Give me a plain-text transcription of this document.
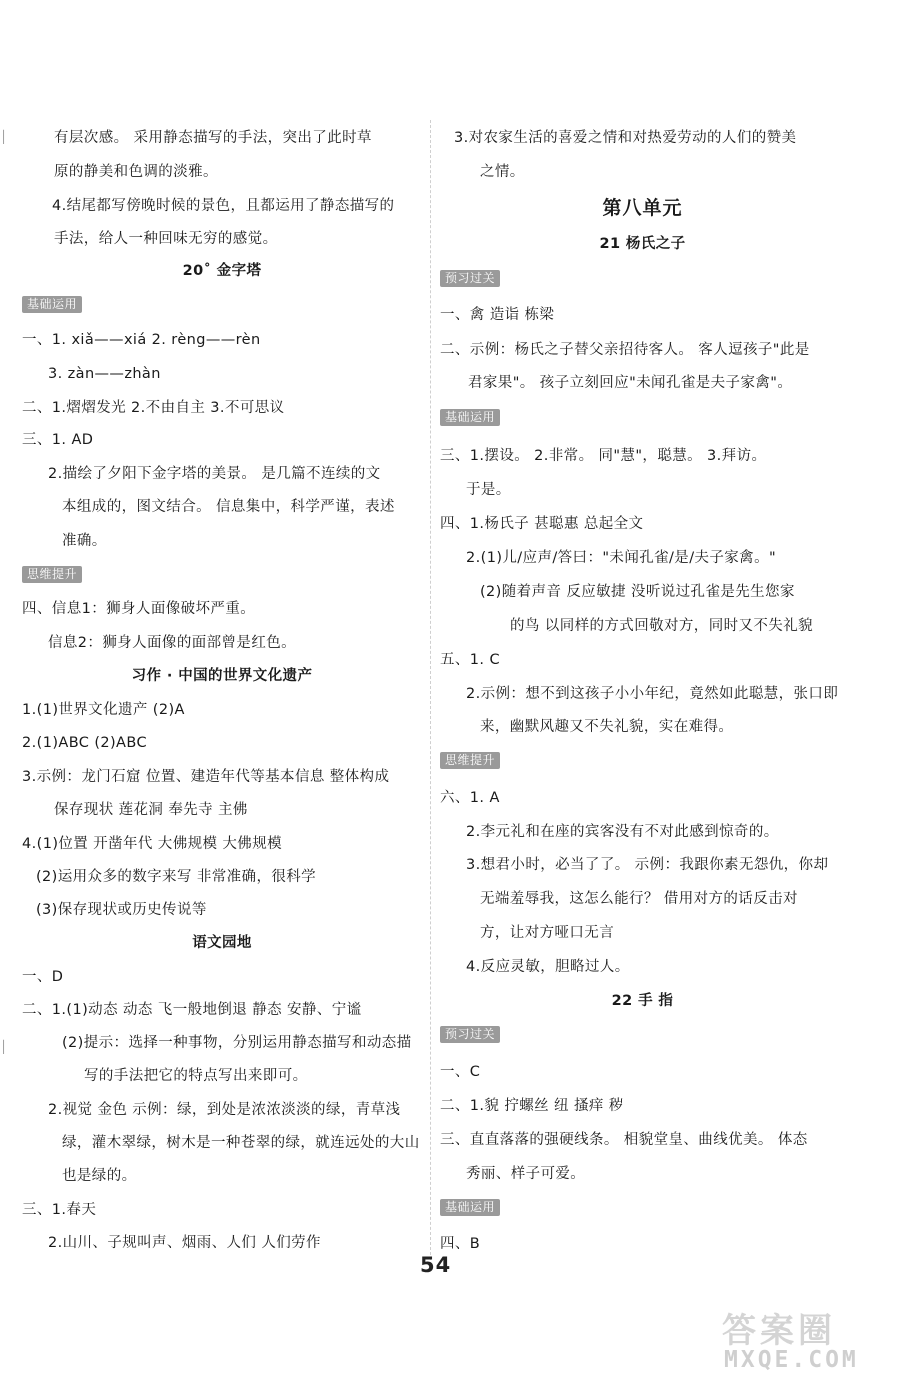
有层次感。 采用静态描写的手法，突出了此时草
原的静美和色调的淡雅。
4.结尾都写傍晚时候的景色，且都运用了静态描写的
手法，给人一种回味无穷的感觉。
20˚ 金字塔
基础运用
一、1. xiǎ——xiá 2. rèng——rèn
3. zàn——zhàn
二、1.熠熠发光 2.不由自主 3.不可思议
三、1. AD
2.描绘了夕阳下金字塔的美景。 是几篇不连续的文
本组成的，图文结合。 信息集中，科学严谨，表述
准确。
思维提升
四、信息1：狮身人面像破坏严重。
信息2：狮身人面像的面部曾是红色。
习作 · 中国的世界文化遗产
1.(1)世界文化遗产 (2)A
2.(1)ABC (2)ABC
3.示例：龙门石窟 位置、建造年代等基本信息 整体构成
保存现状 莲花洞 奉先寺 主佛
4.(1)位置 开凿年代 大佛规模 大佛规模
(2)运用众多的数字来写 非常准确，很科学
(3)保存现状或历史传说等
语文园地
一、D
二、1.(1)动态 动态 飞一般地倒退 静态 安静、宁谧
(2)提示：选择一种事物，分别运用静态描写和动态描
写的手法把它的特点写出来即可。
2.视觉 金色 示例：绿，到处是浓浓淡淡的绿，青草浅
绿，灌木翠绿，树木是一种苍翠的绿，就连远处的大山
也是绿的。
三、1.春天
2.山川、子规叫声、烟雨、人们 人们劳作
3.对农家生活的喜爱之情和对热爱劳动的人们的赞美
之情。
第八单元
21 杨氏之子
预习过关
一、禽 造诣 栋梁
二、示例：杨氏之子替父亲招待客人。 客人逗孩子"此是
君家果"。 孩子立刻回应"未闻孔雀是夫子家禽"。
基础运用
三、1.摆设。 2.非常。 同"慧"，聪慧。 3.拜访。
于是。
四、1.杨氏子 甚聪惠 总起全文
2.(1)儿/应声/答曰："未闻孔雀/是/夫子家禽。"
(2)随着声音 反应敏捷 没听说过孔雀是先生您家
的鸟 以同样的方式回敬对方，同时又不失礼貌
五、1. C
2.示例：想不到这孩子小小年纪，竟然如此聪慧，张口即
来，幽默风趣又不失礼貌，实在难得。
思维提升
六、1. A
2.李元礼和在座的宾客没有不对此感到惊奇的。
3.想君小时，必当了了。 示例：我跟你素无怨仇，你却
无端羞辱我，这怎么能行？ 借用对方的话反击对
方，让对方哑口无言
4.反应灵敏，胆略过人。
22 手 指
预习过关
一、C
二、1.貌 拧螺丝 纽 搔痒 秽
三、直直落落的强硬线条。 相貌堂皇、曲线优美。 体态
秀丽、样子可爱。
基础运用
四、B
│
│
54
答案圈
MXQE.COM
